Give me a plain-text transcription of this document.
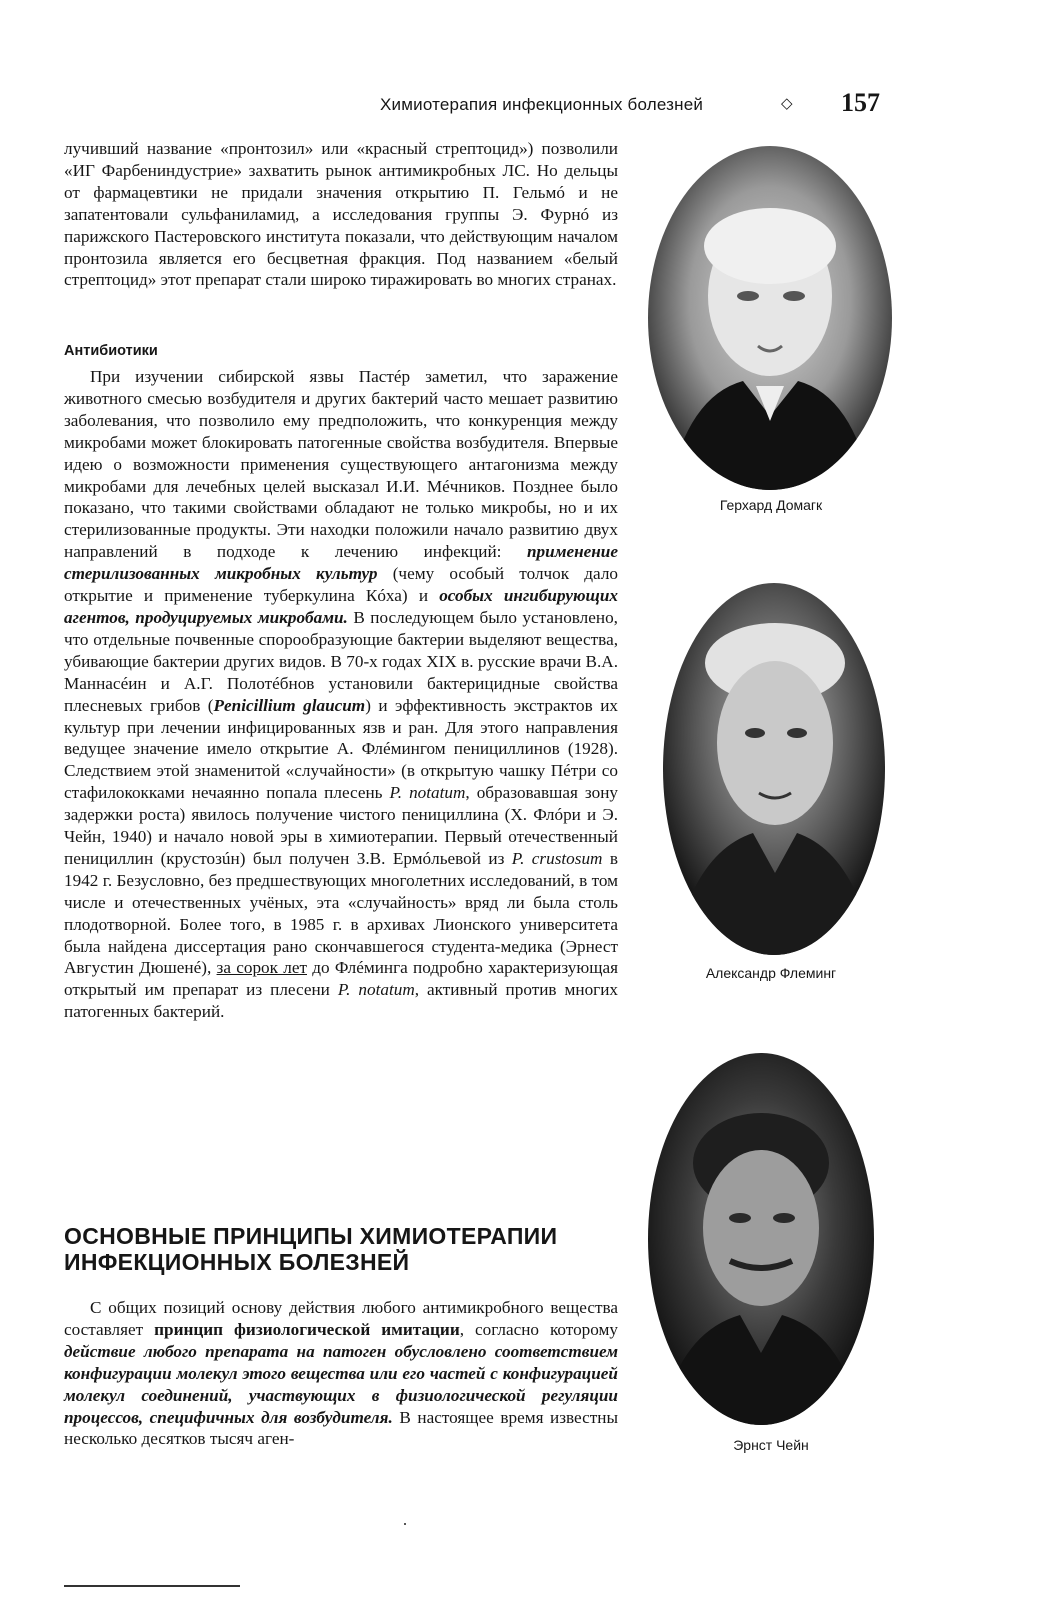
Химиотерапия инфекционных болезней	◇ 157

лучивший название «пронтозил» или «красный стрептоцид») позволили «ИГ Фарбениндустрие» захватить рынок антимикробных ЛС. Но дельцы от фармацевтики не придали значения открытию П. Гельмó и не запатентовали сульфаниламид, а исследования группы Э. Фурнó из парижского Пастеровского института показали, что действующим началом пронтозила является его бесцветная фракция. Под названием «белый стрептоцид» этот препарат стали широко тиражировать во многих странах.

Антибиотики

При изучении сибирской язвы Пастéр заметил, что заражение животного смесью возбудителя и других бактерий часто мешает развитию заболевания, что позволило ему предположить, что конкуренция между микробами может блокировать патогенные свойства возбудителя. Впервые идею о возможности применения существующего антагонизма между микробами для лечебных целей высказал И.И. Мéчников. Позднее было показано, что такими свойствами обладают не только микробы, но и их стерилизованные продукты. Эти находки положили начало развитию двух направлений в подходе к лечению инфекций: применение стерилизованных микробных культур (чему особый толчок дало открытие и применение туберкулина Кóха) и особых ингибирующих агентов, продуцируемых микробами. В последующем было установлено, что отдельные почвенные спорообразующие бактерии выделяют вещества, убивающие бактерии других видов. В 70-х годах XIX в. русские врачи В.А. Маннасéин и А.Г. Полотéбнов установили бактерицидные свойства плесневых грибов (Penicillium glaucum) и эффективность экстрактов их культур при лечении инфицированных язв и ран. Для этого направления ведущее значение имело открытие А. Флéмингом пенициллинов (1928). Следствием этой знаменитой «случайности» (в открытую чашку Пéтри со стафилококками нечаянно попала плесень P. notatum, образовавшая зону задержки роста) явилось получение чистого пенициллина (Х. Флóри и Э. Чейн, 1940) и начало новой эры в химиотерапии. Первый отечественный пенициллин (крустозúн) был получен З.В. Ермóльевой из P. crustosum в 1942 г. Безусловно, без предшествующих многолетних исследований, в том числе и отечественных учёных, эта «случайность» вряд ли была столь плодотворной. Более того, в 1985 г. в архивах Лионского университета была найдена диссертация рано скончавшегося студента-медика (Эрнест Августин Дюшенé), за сорок лет до Флéминга подробно характеризующая открытый им препарат из плесени P. notatum, активный против многих патогенных бактерий.

ОСНОВНЫЕ ПРИНЦИПЫ ХИМИОТЕРАПИИ
ИНФЕКЦИОННЫХ БОЛЕЗНЕЙ

С общих позиций основу действия любого антимикробного вещества составляет принцип физиологической имитации, согласно которому действие любого препарата на патоген обусловлено соответствием конфигурации молекул этого вещества или его частей с конфигурацией молекул соединений, участвующих в физиологической регуляции процессов, специфичных для возбудителя. В настоящее время известны несколько десятков тысяч аген-

Герхард Домагк
Александр Флеминг
Эрнст Чейн
